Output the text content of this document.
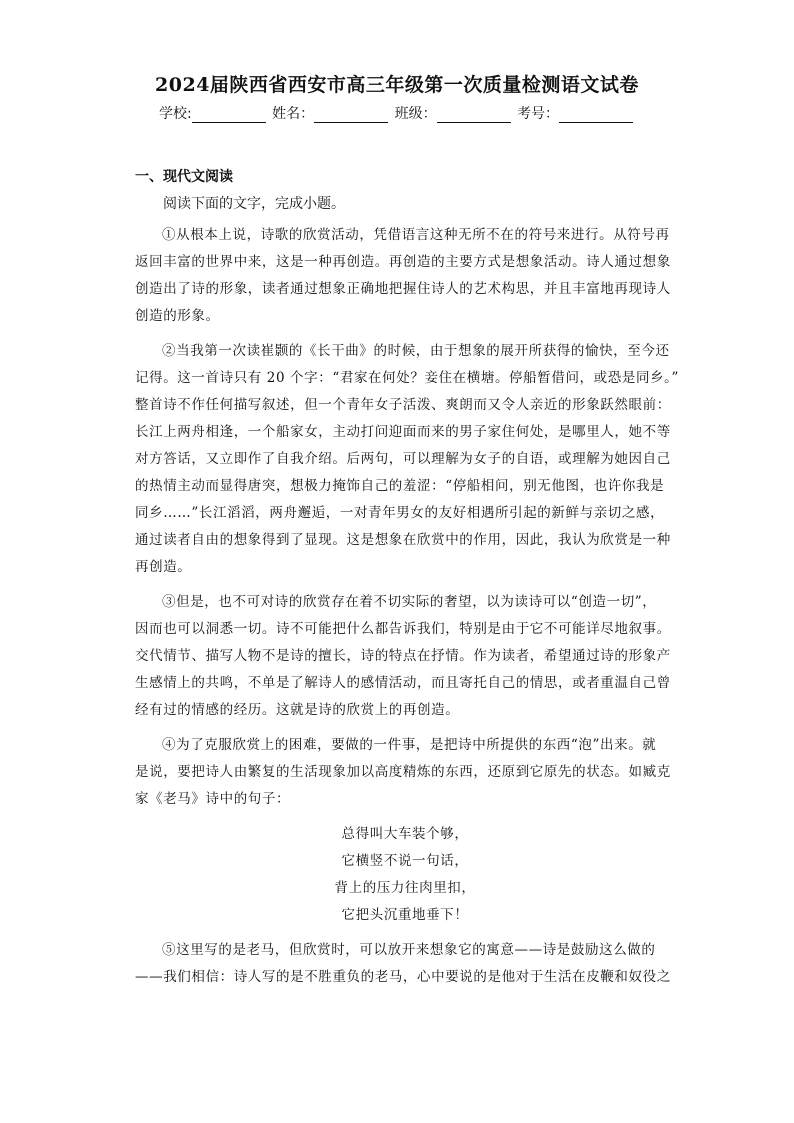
2024届陕西省西安市高三年级第一次质量检测语文试卷
学校:	姓名：	班级：	考号：
一、现代文阅读
阅读下面的文字，完成小题。
①从根本上说，诗歌的欣赏活动，凭借语言这种无所不在的符号来进行。从符号再
返回丰富的世界中来，这是一种再创造。再创造的主要方式是想象活动。诗人通过想象
创造出了诗的形象，读者通过想象正确地把握住诗人的艺术构思，并且丰富地再现诗人
创造的形象。
②当我第一次读崔颢的《长干曲》的时候，由于想象的展开所获得的愉快，至今还
记得。这一首诗只有 20 个字：“君家在何处？妾住在横塘。停船暂借问，或恐是同乡。”
整首诗不作任何描写叙述，但一个青年女子活泼、爽朗而又令人亲近的形象跃然眼前：
长江上两舟相逢，一个船家女，主动打问迎面而来的男子家住何处，是哪里人，她不等
对方答话，又立即作了自我介绍。后两句，可以理解为女子的自语，或理解为她因自己
的热情主动而显得唐突，想极力掩饰自己的羞涩：“停船相问，别无他图，也许你我是
同乡……”长江滔滔，两舟邂逅，一对青年男女的友好相遇所引起的新鲜与亲切之感，
通过读者自由的想象得到了显现。这是想象在欣赏中的作用，因此，我认为欣赏是一种
再创造。
③但是，也不可对诗的欣赏存在着不切实际的奢望，以为读诗可以“创造一切”，
因而也可以洞悉一切。诗不可能把什么都告诉我们，特别是由于它不可能详尽地叙事。
交代情节、描写人物不是诗的擅长，诗的特点在抒情。作为读者，希望通过诗的形象产
生感情上的共鸣，不单是了解诗人的感情活动，而且寄托自己的情思，或者重温自己曾
经有过的情感的经历。这就是诗的欣赏上的再创造。
④为了克服欣赏上的困难，要做的一件事，是把诗中所提供的东西“泡”出来。就
是说，要把诗人由繁复的生活现象加以高度精炼的东西，还原到它原先的状态。如臧克
家《老马》诗中的句子：
总得叫大车装个够，
它横竖不说一句话，
背上的压力往肉里扣，
它把头沉重地垂下！
⑤这里写的是老马，但欣赏时，可以放开来想象它的寓意——诗是鼓励这么做的
——我们相信：诗人写的是不胜重负的老马，心中要说的是他对于生活在皮鞭和奴役之
